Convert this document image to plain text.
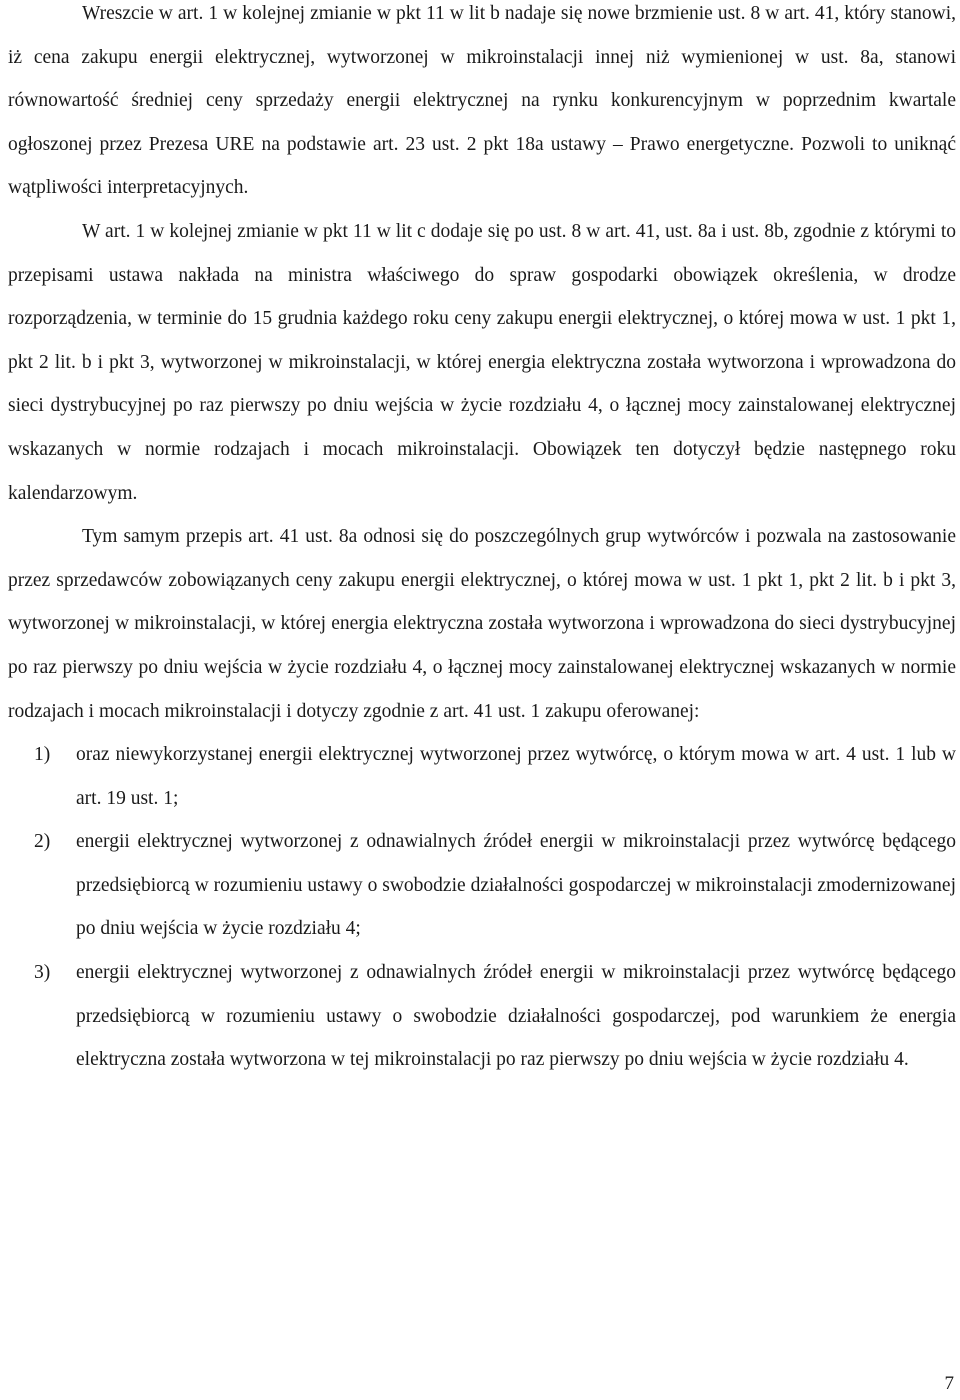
Wreszcie w art. 1 w kolejnej zmianie w pkt 11 w lit b nadaje się nowe brzmienie ust. 8 w art. 41, który stanowi, iż cena zakupu energii elektrycznej, wytworzonej w mikroinstalacji innej niż wymienionej w ust. 8a, stanowi równowartość średniej ceny sprzedaży energii elektrycznej na rynku konkurencyjnym w poprzednim kwartale ogłoszonej przez Prezesa URE na podstawie art. 23 ust. 2 pkt 18a ustawy – Prawo energetyczne. Pozwoli to uniknąć wątpliwości interpretacyjnych.

W art. 1 w kolejnej zmianie w pkt 11 w lit c dodaje się po ust. 8 w art. 41, ust. 8a i ust. 8b, zgodnie z którymi to przepisami ustawa nakłada na ministra właściwego do spraw gospodarki obowiązek określenia, w drodze rozporządzenia, w terminie do 15 grudnia każdego roku ceny zakupu energii elektrycznej, o której mowa w ust. 1 pkt 1, pkt 2 lit. b i pkt 3, wytworzonej w mikroinstalacji, w której energia elektryczna została wytworzona i wprowadzona do sieci dystrybucyjnej po raz pierwszy po dniu wejścia w życie rozdziału 4, o łącznej mocy zainstalowanej elektrycznej wskazanych w normie rodzajach i mocach mikroinstalacji. Obowiązek ten dotyczył będzie następnego roku kalendarzowym.

Tym samym przepis art. 41 ust. 8a odnosi się do poszczególnych grup wytwórców i pozwala na zastosowanie przez sprzedawców zobowiązanych ceny zakupu energii elektrycznej, o której mowa w ust. 1 pkt 1, pkt 2 lit. b i pkt 3, wytworzonej w mikroinstalacji, w której energia elektryczna została wytworzona i wprowadzona do sieci dystrybucyjnej po raz pierwszy po dniu wejścia w życie rozdziału 4, o łącznej mocy zainstalowanej elektrycznej wskazanych w normie rodzajach i mocach mikroinstalacji i dotyczy zgodnie z art. 41 ust. 1 zakupu oferowanej:

1) oraz niewykorzystanej energii elektrycznej wytworzonej przez wytwórcę, o którym mowa w art. 4 ust. 1 lub w art. 19 ust. 1;
2) energii elektrycznej wytworzonej z odnawialnych źródeł energii w mikroinstalacji przez wytwórcę będącego przedsiębiorcą w rozumieniu ustawy o swobodzie działalności gospodarczej w mikroinstalacji zmodernizowanej po dniu wejścia w życie rozdziału 4;
3) energii elektrycznej wytworzonej z odnawialnych źródeł energii w mikroinstalacji przez wytwórcę będącego przedsiębiorcą w rozumieniu ustawy o swobodzie działalności gospodarczej, pod warunkiem że energia elektryczna została wytworzona w tej mikroinstalacji po raz pierwszy po dniu wejścia w życie rozdziału 4.
7
